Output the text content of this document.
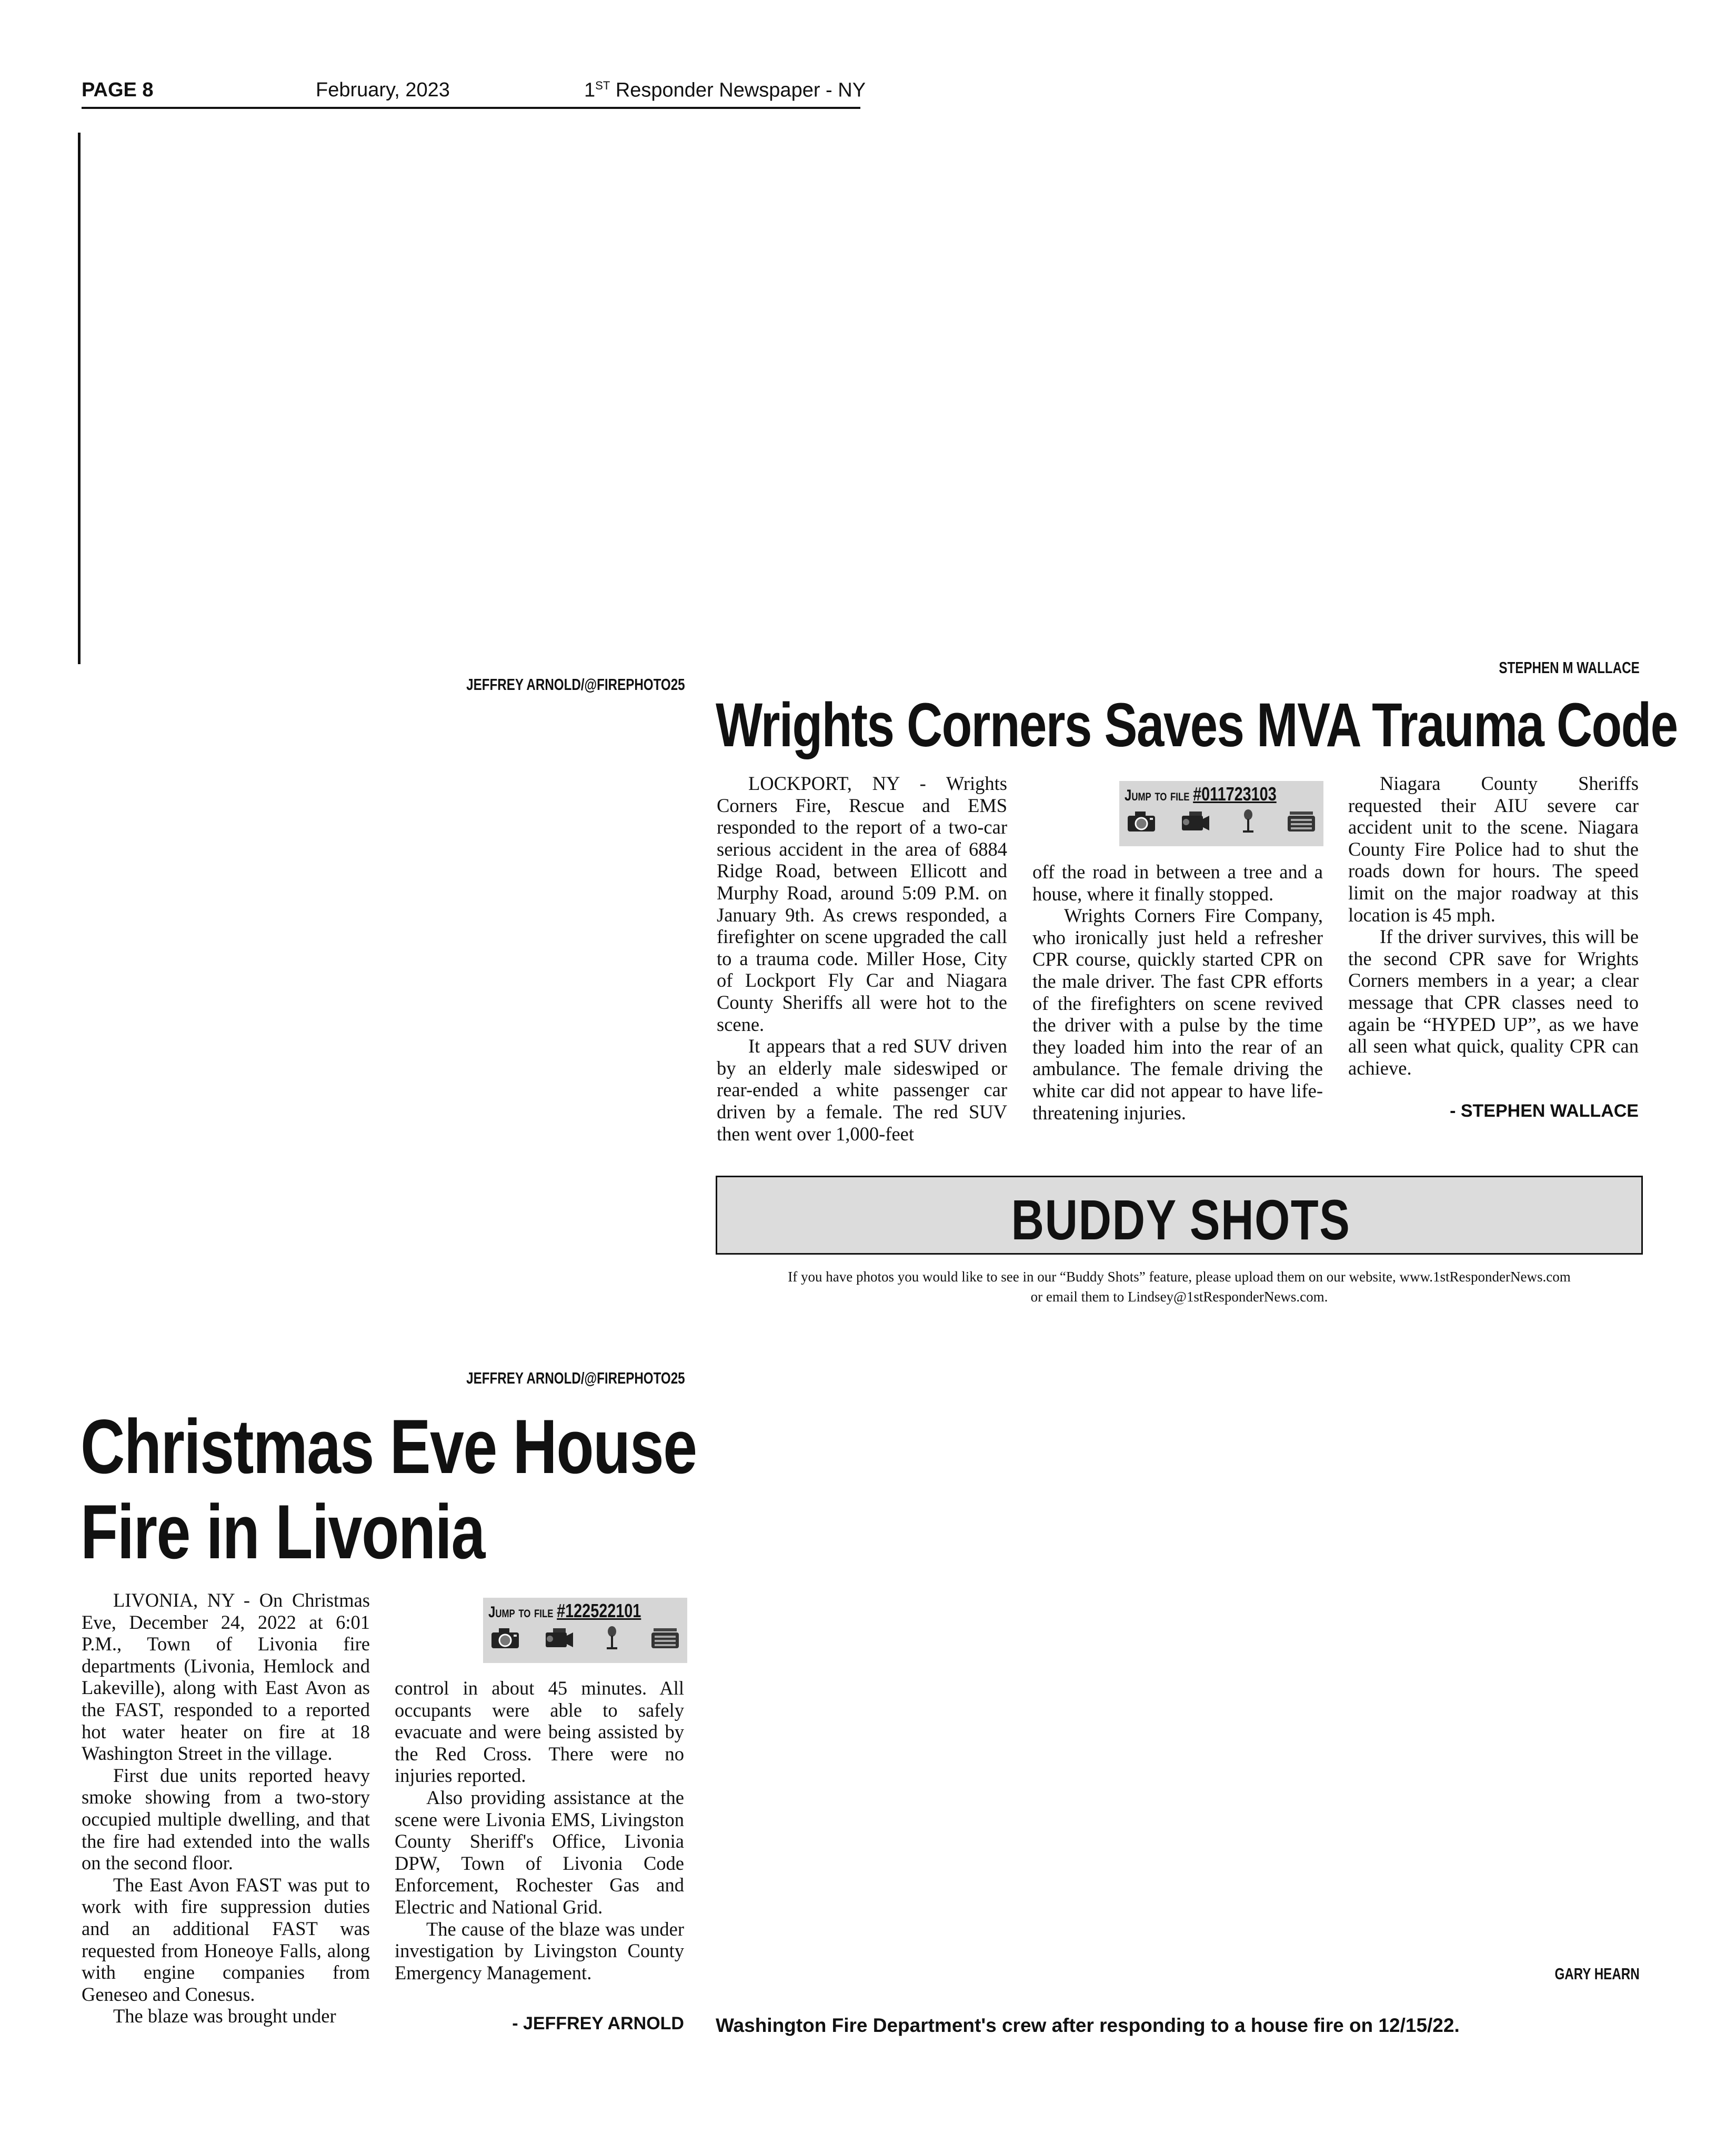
PAGE 8	February, 2023	1ST Responder Newspaper - NY
JEFFREY ARNOLD/@FIREPHOTO25
STEPHEN M WALLACE
Wrights Corners Saves MVA Trauma Code

LOCKPORT, NY - Wrights Corners Fire, Rescue and EMS responded to the report of a two-car serious accident in the area of 6884 Ridge Road, between Ellicott and Murphy Road, around 5:09 P.M. on January 9th. As crews responded, a firefighter on scene upgraded the call to a trauma code. Miller Hose, City of Lockport Fly Car and Niagara County Sheriffs all were hot to the scene.

It appears that a red SUV driven by an elderly male sideswiped or rear-ended a white passenger car driven by a female. The red SUV then went over 1,000-feet

Jump to file #011723103

off the road in between a tree and a house, where it finally stopped.

Wrights Corners Fire Company, who ironically just held a refresher CPR course, quickly started CPR on the male driver. The fast CPR efforts of the firefighters on scene revived the driver with a pulse by the time they loaded him into the rear of an ambulance. The female driving the white car did not appear to have life-threatening injuries.

Niagara County Sheriffs requested their AIU severe car accident unit to the scene. Niagara County Fire Police had to shut the roads down for hours. The speed limit on the major roadway at this location is 45 mph.

If the driver survives, this will be the second CPR save for Wrights Corners members in a year; a clear message that CPR classes need to again be “HYPED UP”, as we have all seen what quick, quality CPR can achieve.

- STEPHEN WALLACE
BUDDY SHOTS
If you have photos you would like to see in our “Buddy Shots” feature, please upload them on our website, www.1stResponderNews.com
or email them to Lindsey@1stResponderNews.com.
JEFFREY ARNOLD/@FIREPHOTO25
Christmas Eve House
Fire in Livonia

LIVONIA, NY - On Christmas Eve, December 24, 2022 at 6:01 P.M., Town of Livonia fire departments (Livonia, Hemlock and Lakeville), along with East Avon as the FAST, responded to a reported hot water heater on fire at 18 Washington Street in the village.

First due units reported heavy smoke showing from a two-story occupied multiple dwelling, and that the fire had extended into the walls on the second floor.

The East Avon FAST was put to work with fire suppression duties and an additional FAST was requested from Honeoye Falls, along with engine companies from Geneseo and Conesus.

The blaze was brought under

Jump to file #122522101

control in about 45 minutes. All occupants were able to safely evacuate and were being assisted by the Red Cross. There were no injuries reported.

Also providing assistance at the scene were Livonia EMS, Livingston County Sheriff's Office, Livonia DPW, Town of Livonia Code Enforcement, Rochester Gas and Electric and National Grid.

The cause of the blaze was under investigation by Livingston County Emergency Management.

- JEFFREY ARNOLD
GARY HEARN
Washington Fire Department's crew after responding to a house fire on 12/15/22.
